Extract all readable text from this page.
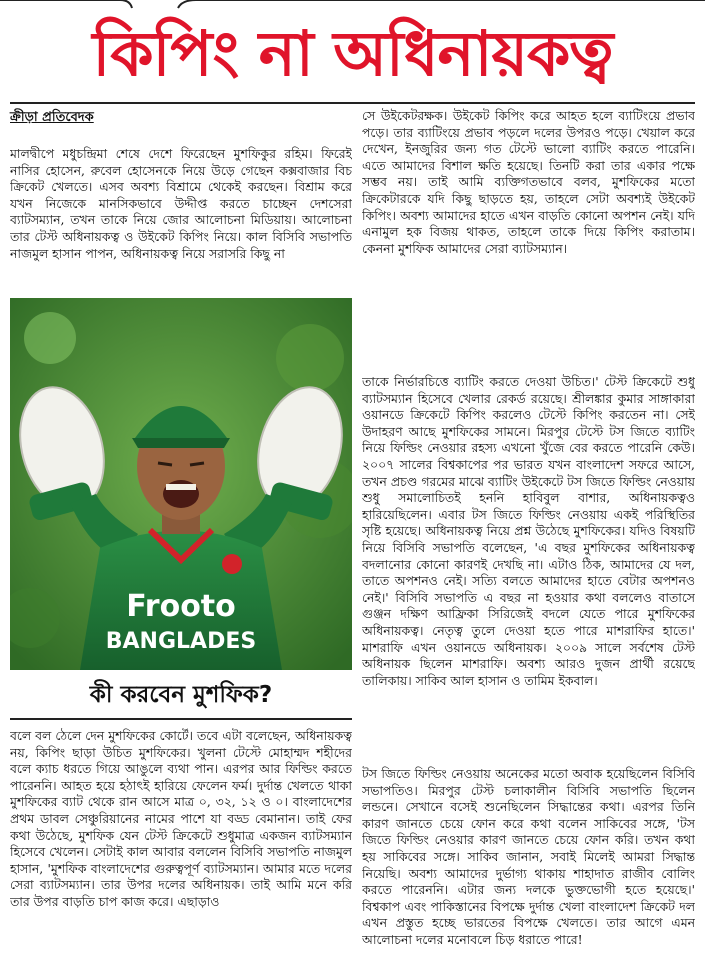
কিপিং না অধিনায়কত্ব
ক্রীড়া প্রতিবেদক

মালদ্বীপে মধুচন্দ্রিমা শেষে দেশে ফিরেছেন মুশফিকুর রহিম। ফিরেই নাসির হোসেন, রুবেল হোসেনকে নিয়ে উড়ে গেছেন কক্সবাজার বিচ ক্রিকেট খেলতে। এসব অবশ্য বিশ্রামে থেকেই করছেন। বিশ্রাম করে যখন নিজেকে মানসিকভাবে উদ্দীপ্ত করতে চাচ্ছেন দেশসেরা ব্যাটসম্যান, তখন তাকে নিয়ে জোর আলোচনা মিডিয়ায়। আলোচনা তার টেস্ট অধিনায়কত্ব ও উইকেট কিপিং নিয়ে। কাল বিসিবি সভাপতি নাজমুল হাসান পাপন, অধিনায়কত্ব নিয়ে সরাসরি কিছু না

সে উইকেটরক্ষক। উইকেট কিপিং করে আহত হলে ব্যাটিংয়ে প্রভাব পড়ে। তার ব্যাটিংয়ে প্রভাব পড়লে দলের উপরও পড়ে। খেয়াল করে দেখেন, ইনজুরির জন্য গত টেস্টে ভালো ব্যাটিং করতে পারেনি। এতে আমাদের বিশাল ক্ষতি হয়েছে। তিনটি করা তার একার পক্ষে সম্ভব নয়। তাই আমি ব্যক্তিগতভাবে বলব, মুশফিকের মতো ক্রিকেটারকে যদি কিছু ছাড়তে হয়, তাহলে সেটা অবশ্যই উইকেট কিপিং। অবশ্য আমাদের হাতে এখন বাড়তি কোনো অপশন নেই। যদি এনামুল হক বিজয় থাকত, তাহলে তাকে দিয়ে কিপিং করাতাম। কেননা মুশফিক আমাদের সেরা ব্যাটসম্যান।

তাকে নির্ভারচিত্তে ব্যাটিং করতে দেওয়া উচিত।' টেস্ট ক্রিকেটে শুধু ব্যাটসম্যান হিসেবে খেলার রেকর্ড রয়েছে। শ্রীলঙ্কার কুমার সাঙ্গাকারা ওয়ানডে ক্রিকেটে কিপিং করলেও টেস্টে কিপিং করতেন না। সেই উদাহরণ আছে মুশফিকের সামনে। মিরপুর টেস্টে টস জিতে ব্যাটিং নিয়ে ফিল্ডিং নেওয়ার রহস্য এখনো খুঁজে বের করতে পারেনি কেউ। ২০০৭ সালের বিশ্বকাপের পর ভারত যখন বাংলাদেশ সফরে আসে, তখন প্রচণ্ড গরমের মাঝে ব্যাটিং উইকেটে টস জিতে ফিল্ডিং নেওয়ায় শুধু সমালোচিতই হননি হাবিবুল বাশার, অধিনায়কত্বও হারিয়েছিলেন। এবার টস জিতে ফিল্ডিং নেওয়ায় একই পরিস্থিতির সৃষ্টি হয়েছে। অধিনায়কত্ব নিয়ে প্রশ্ন উঠেছে মুশফিকের। যদিও বিষয়টি নিয়ে বিসিবি সভাপতি বলেছেন, 'এ বছর মুশফিকের অধিনায়কত্ব বদলানোর কোনো কারণই দেখছি না। এটাও ঠিক, আমাদের যে দল, তাতে অপশনও নেই। সত্যি বলতে আমাদের হাতে বেটার অপশনও নেই।' বিসিবি সভাপতি এ বছর না হওয়ার কথা বললেও বাতাসে গুঞ্জন দক্ষিণ আফ্রিকা সিরিজেই বদলে যেতে পারে মুশফিকের অধিনায়কত্ব। নেতৃত্ব তুলে দেওয়া হতে পারে মাশরাফির হাতে।' মাশরাফি এখন ওয়ানডে অধিনায়ক। ২০০৯ সালে সর্বশেষ টেস্ট অধিনায়ক ছিলেন মাশরাফি। অবশ্য আরও দুজন প্রার্থী রয়েছে তালিকায়। সাকিব আল হাসান ও তামিম ইকবাল।

Frooto
BANGLADES
কী করবেন মুশফিক?

বলে বল ঠেলে দেন মুশফিকের কোর্টে। তবে এটা বলেছেন, অধিনায়কত্ব নয়, কিপিং ছাড়া উচিত মুশফিকের। খুলনা টেস্টে মোহাম্মদ শহীদের বলে ক্যাচ ধরতে গিয়ে আঙুলে ব্যথা পান। এরপর আর ফিল্ডিং করতে পারেননি। আহত হয়ে হঠাৎই হারিয়ে ফেলেন ফর্ম। দুর্দান্ত খেলতে থাকা মুশফিকের ব্যাট থেকে রান আসে মাত্র ০, ৩২, ১২ ও ০। বাংলাদেশের প্রথম ডাবল সেঞ্চুরিয়ানের নামের পাশে যা বড্ড বেমানান। তাই ফের কথা উঠেছে, মুশফিক যেন টেস্ট ক্রিকেটে শুধুমাত্র একজন ব্যাটসম্যান হিসেবে খেলেন। সেটাই কাল আবার বললেন বিসিবি সভাপতি নাজমুল হাসান, 'মুশফিক বাংলাদেশের গুরুত্বপূর্ণ ব্যাটসম্যান। আমার মতে দলের সেরা ব্যাটসম্যান। তার উপর দলের অধিনায়ক। তাই আমি মনে করি তার উপর বাড়তি চাপ কাজ করে। এছাড়াও

টস জিতে ফিল্ডিং নেওয়ায় অনেকের মতো অবাক হয়েছিলেন বিসিবি সভাপতিও। মিরপুর টেস্ট চলাকালীন বিসিবি সভাপতি ছিলেন লন্ডনে। সেখানে বসেই শুনেছিলেন সিদ্ধান্তের কথা। এরপর তিনি কারণ জানতে চেয়ে ফোন করে কথা বলেন সাকিবের সঙ্গে, 'টস জিতে ফিল্ডিং নেওয়ার কারণ জানতে চেয়ে ফোন করি। তখন কথা হয় সাকিবের সঙ্গে। সাকিব জানান, সবাই মিলেই আমরা সিদ্ধান্ত নিয়েছি। অবশ্য আমাদের দুর্ভাগ্য থাকায় শাহাদাত রাজীব বোলিং করতে পারেননি। এটার জন্য দলকে ভুক্তভোগী হতে হয়েছে।' বিশ্বকাপ এবং পাকিস্তানের বিপক্ষে দুর্দান্ত খেলা বাংলাদেশ ক্রিকেট দল এখন প্রস্তুত হচ্ছে ভারতের বিপক্ষে খেলতে। তার আগে এমন আলোচনা দলের মনোবলে চিড় ধরাতে পারে!
